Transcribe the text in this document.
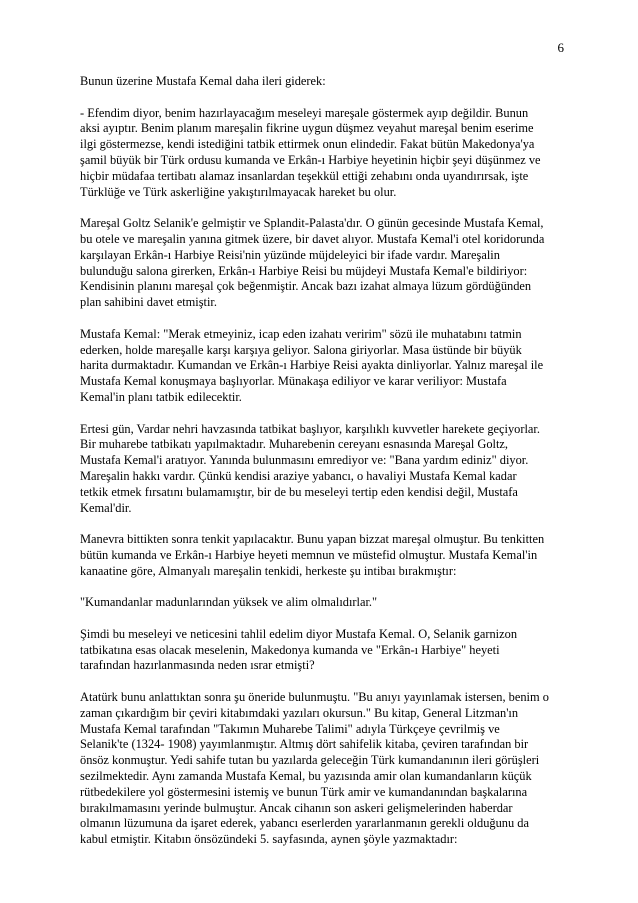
6

Bunun üzerine Mustafa Kemal daha ileri giderek:

- Efendim diyor, benim hazırlayacağım meseleyi mareşale göstermek ayıp değildir. Bunun
aksi ayıptır. Benim planım mareşalin fikrine uygun düşmez veyahut mareşal benim eserime
ilgi göstermezse, kendi istediğini tatbik ettirmek onun elindedir. Fakat bütün Makedonya'ya
şamil büyük bir Türk ordusu kumanda ve Erkân-ı Harbiye heyetinin hiçbir şeyi düşünmez ve
hiçbir müdafaa tertibatı alamaz insanlardan teşekkül ettiği zehabını onda uyandırırsak, işte
Türklüğe ve Türk askerliğine yakıştırılmayacak hareket bu olur.

Mareşal Goltz Selanik'e gelmiştir ve Splandit-Palasta'dır. O günün gecesinde Mustafa Kemal,
bu otele ve mareşalin yanına gitmek üzere, bir davet alıyor. Mustafa Kemal'i otel koridorunda
karşılayan Erkân-ı Harbiye Reisi'nin yüzünde müjdeleyici bir ifade vardır. Mareşalin
bulunduğu salona girerken, Erkân-ı Harbiye Reisi bu müjdeyi Mustafa Kemal'e bildiriyor:
Kendisinin planını mareşal çok beğenmiştir. Ancak bazı izahat almaya lüzum gördüğünden
plan sahibini davet etmiştir.

Mustafa Kemal: "Merak etmeyiniz, icap eden izahatı veririm" sözü ile muhatabını tatmin
ederken, holde mareşalle karşı karşıya geliyor. Salona giriyorlar. Masa üstünde bir büyük
harita durmaktadır. Kumandan ve Erkân-ı Harbiye Reisi ayakta dinliyorlar. Yalnız mareşal ile
Mustafa Kemal konuşmaya başlıyorlar. Münakaşa ediliyor ve karar veriliyor: Mustafa
Kemal'in planı tatbik edilecektir.

Ertesi gün, Vardar nehri havzasında tatbikat başlıyor, karşılıklı kuvvetler harekete geçiyorlar.
Bir muharebe tatbikatı yapılmaktadır. Muharebenin cereyanı esnasında Mareşal Goltz,
Mustafa Kemal'i aratıyor. Yanında bulunmasını emrediyor ve: "Bana yardım ediniz" diyor.
Mareşalin hakkı vardır. Çünkü kendisi araziye yabancı, o havaliyi Mustafa Kemal kadar
tetkik etmek fırsatını bulamamıştır, bir de bu meseleyi tertip eden kendisi değil, Mustafa
Kemal'dir.

Manevra bittikten sonra tenkit yapılacaktır. Bunu yapan bizzat mareşal olmuştur. Bu tenkitten
bütün kumanda ve Erkân-ı Harbiye heyeti memnun ve müstefid olmuştur. Mustafa Kemal'in
kanaatine göre, Almanyalı mareşalin tenkidi, herkeste şu intibaı bırakmıştır:

"Kumandanlar madunlarından yüksek ve alim olmalıdırlar."

Şimdi bu meseleyi ve neticesini tahlil edelim diyor Mustafa Kemal. O, Selanik garnizon
tatbikatına esas olacak meselenin, Makedonya kumanda ve "Erkân-ı Harbiye" heyeti
tarafından hazırlanmasında neden ısrar etmişti?

Atatürk bunu anlattıktan sonra şu öneride bulunmuştu. "Bu anıyı yayınlamak istersen, benim o
zaman çıkardığım bir çeviri kitabımdaki yazıları okursun." Bu kitap, General Litzman'ın
Mustafa Kemal tarafından "Takımın Muharebe Talimi" adıyla Türkçeye çevrilmiş ve
Selanik'te (1324- 1908) yayımlanmıştır. Altmış dört sahifelik kitaba, çeviren tarafından bir
önsöz konmuştur. Yedi sahife tutan bu yazılarda geleceğin Türk kumandanının ileri görüşleri
sezilmektedir. Aynı zamanda Mustafa Kemal, bu yazısında amir olan kumandanların küçük
rütbedekilere yol göstermesini istemiş ve bunun Türk amir ve kumandanından başkalarına
bırakılmamasını yerinde bulmuştur. Ancak cihanın son askeri gelişmelerinden haberdar
olmanın lüzumuna da işaret ederek, yabancı eserlerden yararlanmanın gerekli olduğunu da
kabul etmiştir. Kitabın önsözündeki 5. sayfasında, aynen şöyle yazmaktadır:
